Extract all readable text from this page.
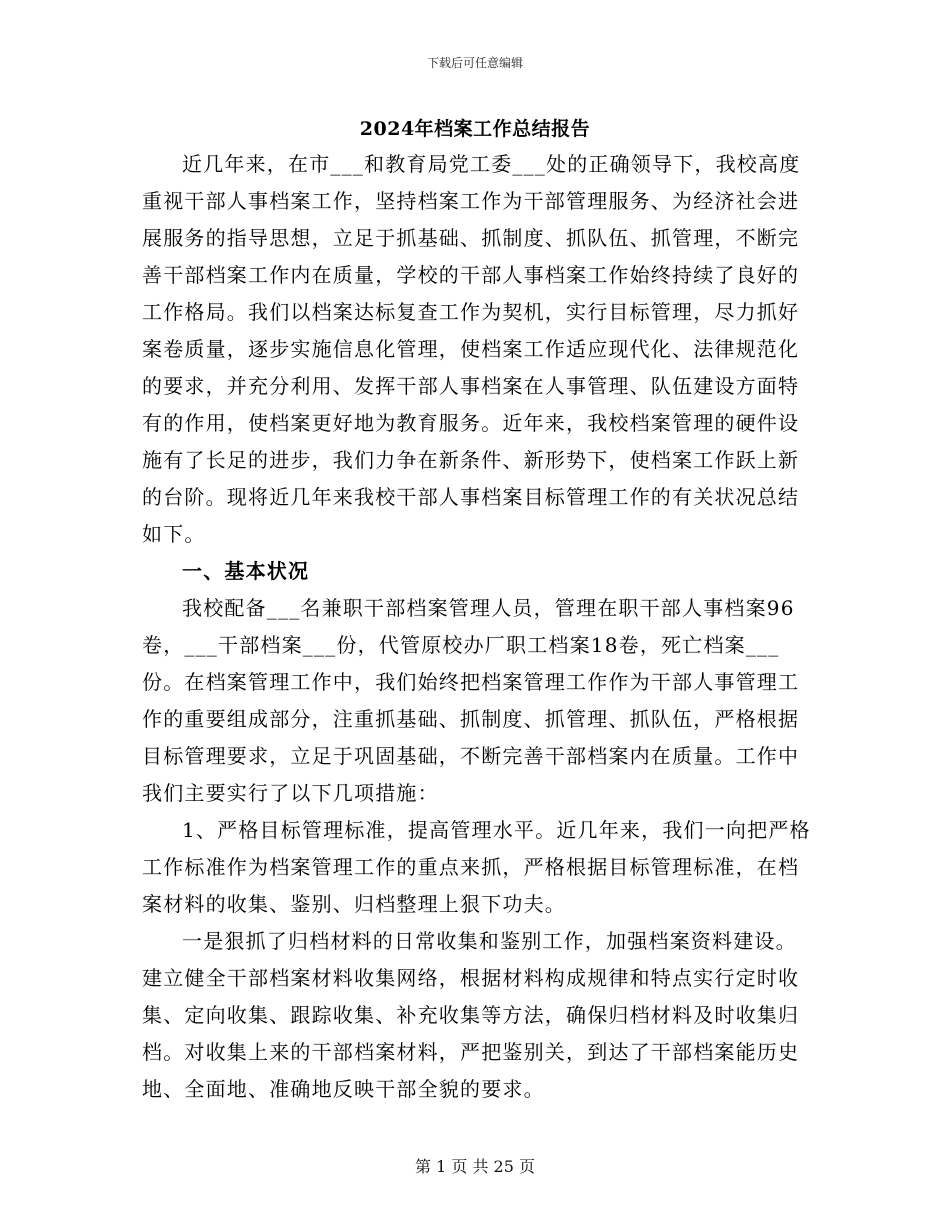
下载后可任意编辑
2024年档案工作总结报告

近几年来，在市___和教育局党工委___处的正确领导下，我校高度重视干部人事档案工作，坚持档案工作为干部管理服务、为经济社会进展服务的指导思想，立足于抓基础、抓制度、抓队伍、抓管理，不断完善干部档案工作内在质量，学校的干部人事档案工作始终持续了良好的工作格局。我们以档案达标复查工作为契机，实行目标管理，尽力抓好案卷质量，逐步实施信息化管理，使档案工作适应现代化、法律规范化的要求，并充分利用、发挥干部人事档案在人事管理、队伍建设方面特有的作用，使档案更好地为教育服务。近年来，我校档案管理的硬件设施有了长足的进步，我们力争在新条件、新形势下，使档案工作跃上新的台阶。现将近几年来我校干部人事档案目标管理工作的有关状况总结如下。

一、基本状况

我校配备___名兼职干部档案管理人员，管理在职干部人事档案96卷，___干部档案___份，代管原校办厂职工档案18卷，死亡档案___份。在档案管理工作中，我们始终把档案管理工作作为干部人事管理工作的重要组成部分，注重抓基础、抓制度、抓管理、抓队伍，严格根据目标管理要求，立足于巩固基础，不断完善干部档案内在质量。工作中我们主要实行了以下几项措施：

1、严格目标管理标准，提高管理水平。近几年来，我们一向把严格工作标准作为档案管理工作的重点来抓，严格根据目标管理标准，在档案材料的收集、鉴别、归档整理上狠下功夫。

一是狠抓了归档材料的日常收集和鉴别工作，加强档案资料建设。建立健全干部档案材料收集网络，根据材料构成规律和特点实行定时收集、定向收集、跟踪收集、补充收集等方法，确保归档材料及时收集归档。对收集上来的干部档案材料，严把鉴别关，到达了干部档案能历史地、全面地、准确地反映干部全貌的要求。

第 1 页 共 25 页
